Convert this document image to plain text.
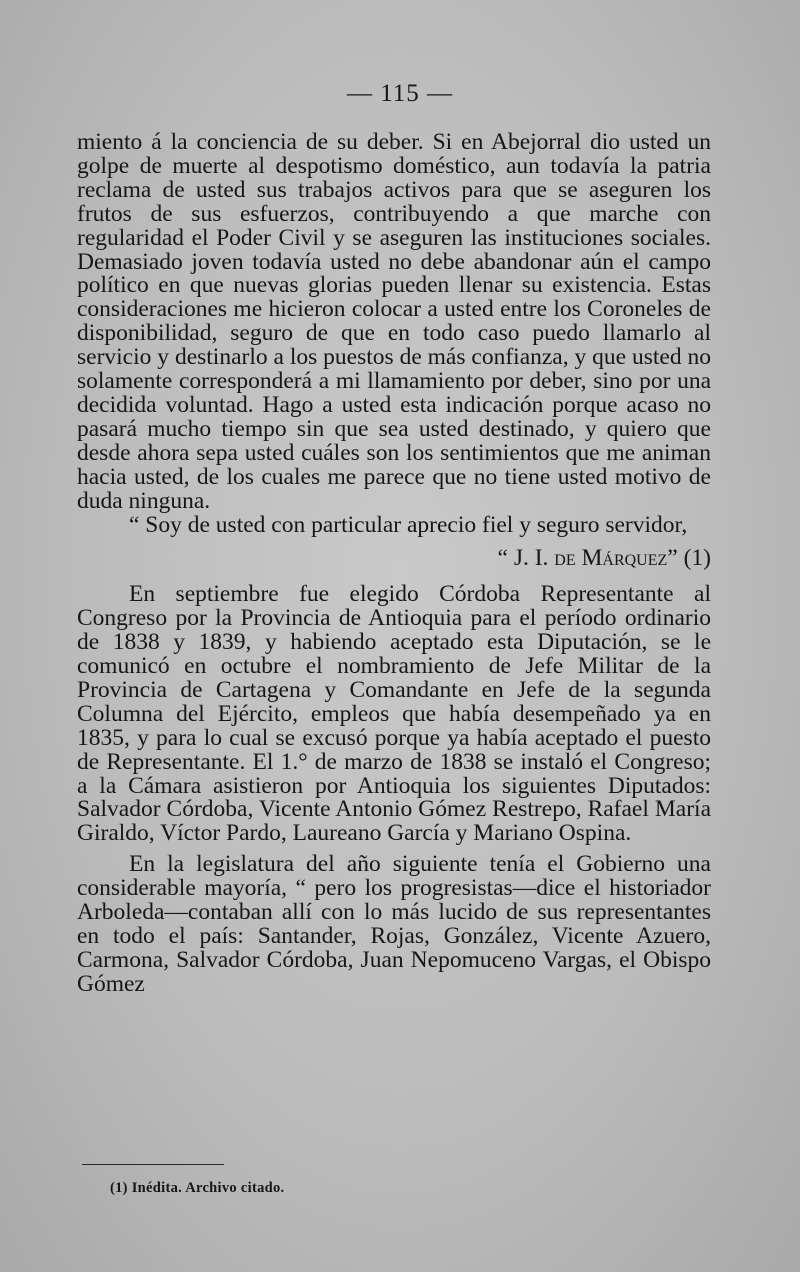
— 115 —

miento á la conciencia de su deber. Si en Abejorral dio usted un golpe de muerte al despotismo doméstico, aun todavía la patria reclama de usted sus trabajos activos para que se aseguren los frutos de sus esfuerzos, contribuyendo a que marche con regularidad el Poder Civil y se aseguren las instituciones sociales. Demasiado joven todavía usted no debe abandonar aún el campo político en que nuevas glorias pueden llenar su existencia. Estas consideraciones me hicieron colocar a usted entre los Coroneles de disponibilidad, seguro de que en todo caso puedo llamarlo al servicio y destinarlo a los puestos de más confianza, y que usted no solamente corresponderá a mi llamamiento por deber, sino por una decidida voluntad. Hago a usted esta indicación porque acaso no pasará mucho tiempo sin que sea usted destinado, y quiero que desde ahora sepa usted cuáles son los sentimientos que me animan hacia usted, de los cuales me parece que no tiene usted motivo de duda ninguna.

“ Soy de usted con particular aprecio fiel y seguro servidor,

“ J. I. de Márquez” (1)

En septiembre fue elegido Córdoba Representante al Congreso por la Provincia de Antioquia para el período ordinario de 1838 y 1839, y habiendo aceptado esta Diputación, se le comunicó en octubre el nombramiento de Jefe Militar de la Provincia de Cartagena y Comandante en Jefe de la segunda Columna del Ejército, empleos que había desempeñado ya en 1835, y para lo cual se excusó porque ya había aceptado el puesto de Representante. El 1.° de marzo de 1838 se instaló el Congreso; a la Cámara asistieron por Antioquia los siguientes Diputados: Salvador Córdoba, Vicente Antonio Gómez Restrepo, Rafael María Giraldo, Víctor Pardo, Laureano García y Mariano Ospina.

En la legislatura del año siguiente tenía el Gobierno una considerable mayoría, “ pero los progresistas—dice el historiador Arboleda—contaban allí con lo más lucido de sus representantes en todo el país: Santander, Rojas, González, Vicente Azuero, Carmona, Salvador Córdoba, Juan Nepomuceno Vargas, el Obispo Gómez

(1) Inédita. Archivo citado.
